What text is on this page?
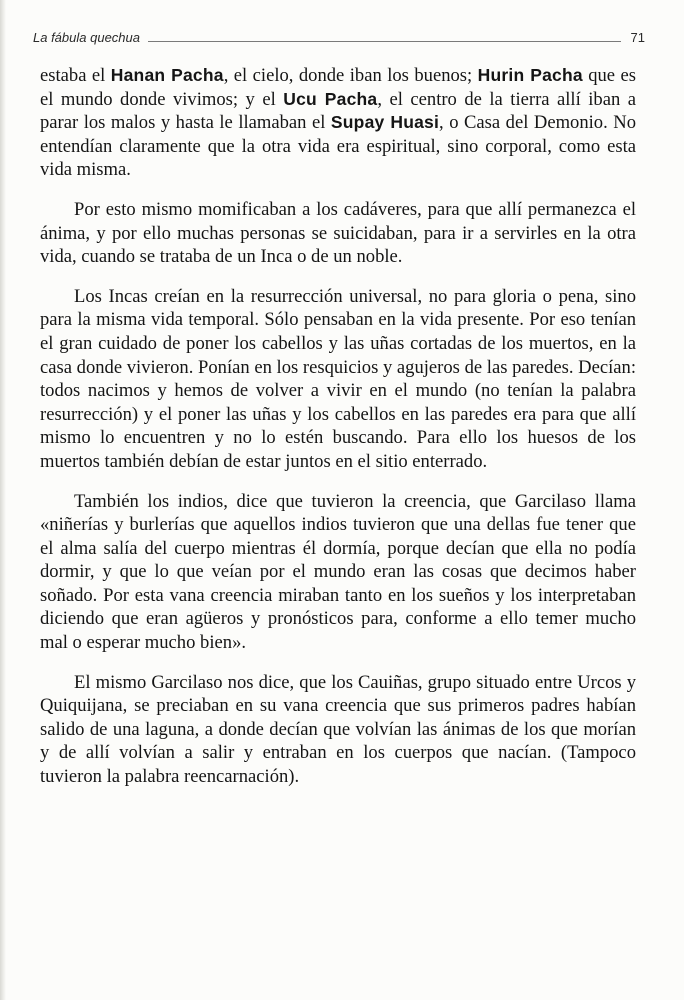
La fábula quechua	71

estaba el Hanan Pacha, el cielo, donde iban los buenos; Hurin Pacha que es el mundo donde vivimos; y el Ucu Pacha, el centro de la tierra allí iban a parar los malos y hasta le llamaban el Supay Huasi, o Casa del Demonio. No entendían claramente que la otra vida era espiritual, sino corporal, como esta vida misma.

Por esto mismo momificaban a los cadáveres, para que allí permanezca el ánima, y por ello muchas personas se suicidaban, para ir a servirles en la otra vida, cuando se trataba de un Inca o de un noble.

Los Incas creían en la resurrección universal, no para gloria o pena, sino para la misma vida temporal. Sólo pensaban en la vida presente. Por eso tenían el gran cuidado de poner los cabellos y las uñas cortadas de los muertos, en la casa donde vivieron. Ponían en los resquicios y agujeros de las paredes. Decían: todos nacimos y hemos de volver a vivir en el mundo (no tenían la palabra resurrección) y el poner las uñas y los cabellos en las paredes era para que allí mismo lo encuentren y no lo estén buscando. Para ello los huesos de los muertos también debían de estar juntos en el sitio enterrado.

También los indios, dice que tuvieron la creencia, que Garcilaso llama «niñerías y burlerías que aquellos indios tuvieron que una dellas fue tener que el alma salía del cuerpo mientras él dormía, porque decían que ella no podía dormir, y que lo que veían por el mundo eran las cosas que decimos haber soñado. Por esta vana creencia miraban tanto en los sueños y los interpretaban diciendo que eran agüeros y pronósticos para, conforme a ello temer mucho mal o esperar mucho bien».

El mismo Garcilaso nos dice, que los Cauiñas, grupo situado entre Urcos y Quiquijana, se preciaban en su vana creencia que sus primeros padres habían salido de una laguna, a donde decían que volvían las ánimas de los que morían y de allí volvían a salir y entraban en los cuerpos que nacían. (Tampoco tuvieron la palabra reencarnación).
